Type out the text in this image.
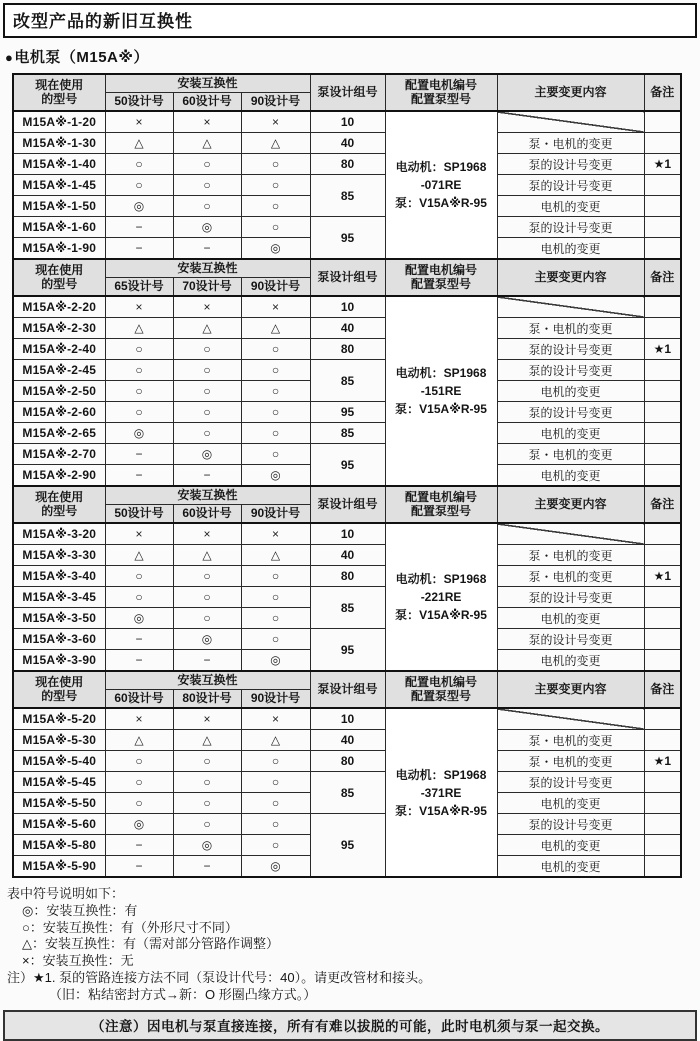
改型产品的新旧互换性
●电机泵（M15A※）
现在使用
的型号
	安装互换性	泵设计组号	配置电机编号
配置泵型号	主要变更内容	备注
	50设计号	60设计号	90设计号				
M15A※-1-20	×	×	×	10	电动机：SP1968
-071RE
泵：V15A※R-95		

M15A※-1-30	△	△	△	40		泵・电机的变更	
M15A※-1-40	○	○	○	80		泵的设计号变更	★1
M15A※-1-45	○	○	○	85		泵的设计号变更	
M15A※-1-50	◎	○	○			电机的变更	
M15A※-1-60	−	◎	○	95		泵的设计号变更	
M15A※-1-90	−	−	◎			电机的变更	

现在使用
的型号
	安装互换性	泵设计组号	配置电机编号
配置泵型号	主要变更内容	备注
	65设计号	70设计号	90设计号				
M15A※-2-20	×	×	×	10	电动机：SP1968
-151RE
泵：V15A※R-95		

M15A※-2-30	△	△	△	40		泵・电机的变更	
M15A※-2-40	○	○	○	80		泵的设计号变更	★1
M15A※-2-45	○	○	○	85		泵的设计号变更	
M15A※-2-50	○	○	○			电机的变更	
M15A※-2-60	○	○	○	95		泵的设计号变更	
M15A※-2-65	◎	○	○	85		电机的变更	
M15A※-2-70	−	◎	○	95		泵・电机的变更	
M15A※-2-90	−	−	◎			电机的变更	

现在使用
的型号
	安装互换性	泵设计组号	配置电机编号
配置泵型号	主要变更内容	备注
	50设计号	60设计号	90设计号				
M15A※-3-20	×	×	×	10	电动机：SP1968
-221RE
泵：V15A※R-95		

M15A※-3-30	△	△	△	40		泵・电机的变更	
M15A※-3-40	○	○	○	80		泵・电机的变更	★1
M15A※-3-45	○	○	○	85		泵的设计号变更	
M15A※-3-50	◎	○	○			电机的变更	
M15A※-3-60	−	◎	○	95		泵的设计号变更	
M15A※-3-90	−	−	◎			电机的变更	

现在使用
的型号
	安装互换性	泵设计组号	配置电机编号
配置泵型号	主要变更内容	备注
	60设计号	80设计号	90设计号				
M15A※-5-20	×	×	×	10	电动机：SP1968
-371RE
泵：V15A※R-95		

M15A※-5-30	△	△	△	40		泵・电机的变更	
M15A※-5-40	○	○	○	80		泵・电机的变更	★1
M15A※-5-45	○	○	○	85		泵的设计号变更	
M15A※-5-50	○	○	○			电机的变更	
M15A※-5-60	◎	○	○	95		泵的设计号变更	
M15A※-5-80	−	◎	○			电机的变更	
M15A※-5-90	−	−	◎			电机的变更	
表中符号说明如下：
◎：安装互换性：有
○：安装互换性：有（外形尺寸不同）
△：安装互换性：有（需对部分管路作调整）
×：安装互换性：无
注）★1. 泵的管路连接方法不同（泵设计代号：40）。请更改管材和接头。
（旧：粘结密封方式→新：O 形圈凸缘方式。）
（注意）因电机与泵直接连接，所有有难以拔脱的可能，此时电机须与泵一起交换。
